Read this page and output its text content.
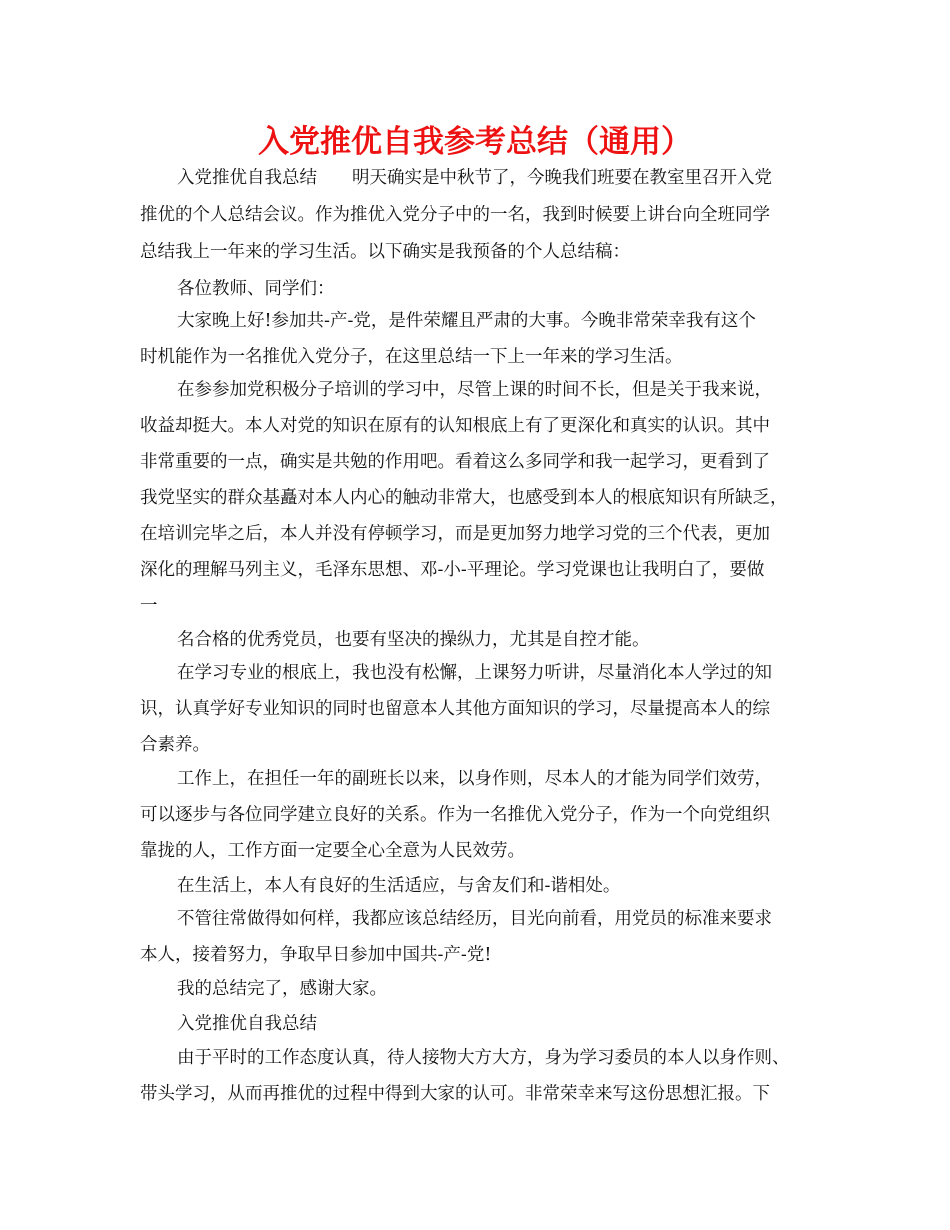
入党推优自我参考总结（通用）

入党推优自我总结　　明天确实是中秋节了，今晚我们班要在教室里召开入党

推优的个人总结会议。作为推优入党分子中的一名，我到时候要上讲台向全班同学

总结我上一年来的学习生活。以下确实是我预备的个人总结稿：

各位教师、同学们：

大家晚上好!参加共-产-党，是件荣耀且严肃的大事。今晚非常荣幸我有这个

时机能作为一名推优入党分子，在这里总结一下上一年来的学习生活。

在参参加党积极分子培训的学习中，尽管上课的时间不长，但是关于我来说，

收益却挺大。本人对党的知识在原有的认知根底上有了更深化和真实的认识。其中

非常重要的一点，确实是共勉的作用吧。看着这么多同学和我一起学习，更看到了

我党坚实的群众基矗对本人内心的触动非常大，也感受到本人的根底知识有所缺乏，

在培训完毕之后，本人并没有停顿学习，而是更加努力地学习党的三个代表，更加

深化的理解马列主义，毛泽东思想、邓-小-平理论。学习党课也让我明白了，要做

一

名合格的优秀党员，也要有坚决的操纵力，尤其是自控才能。

在学习专业的根底上，我也没有松懈，上课努力听讲，尽量消化本人学过的知

识，认真学好专业知识的同时也留意本人其他方面知识的学习，尽量提高本人的综

合素养。

工作上，在担任一年的副班长以来，以身作则，尽本人的才能为同学们效劳，

可以逐步与各位同学建立良好的关系。作为一名推优入党分子，作为一个向党组织

靠拢的人，工作方面一定要全心全意为人民效劳。

在生活上，本人有良好的生活适应，与舍友们和-谐相处。

不管往常做得如何样，我都应该总结经历，目光向前看，用党员的标准来要求

本人，接着努力，争取早日参加中国共-产-党!

我的总结完了，感谢大家。

入党推优自我总结

由于平时的工作态度认真，待人接物大方大方，身为学习委员的本人以身作则、

带头学习，从而再推优的过程中得到大家的认可。非常荣幸来写这份思想汇报。下
